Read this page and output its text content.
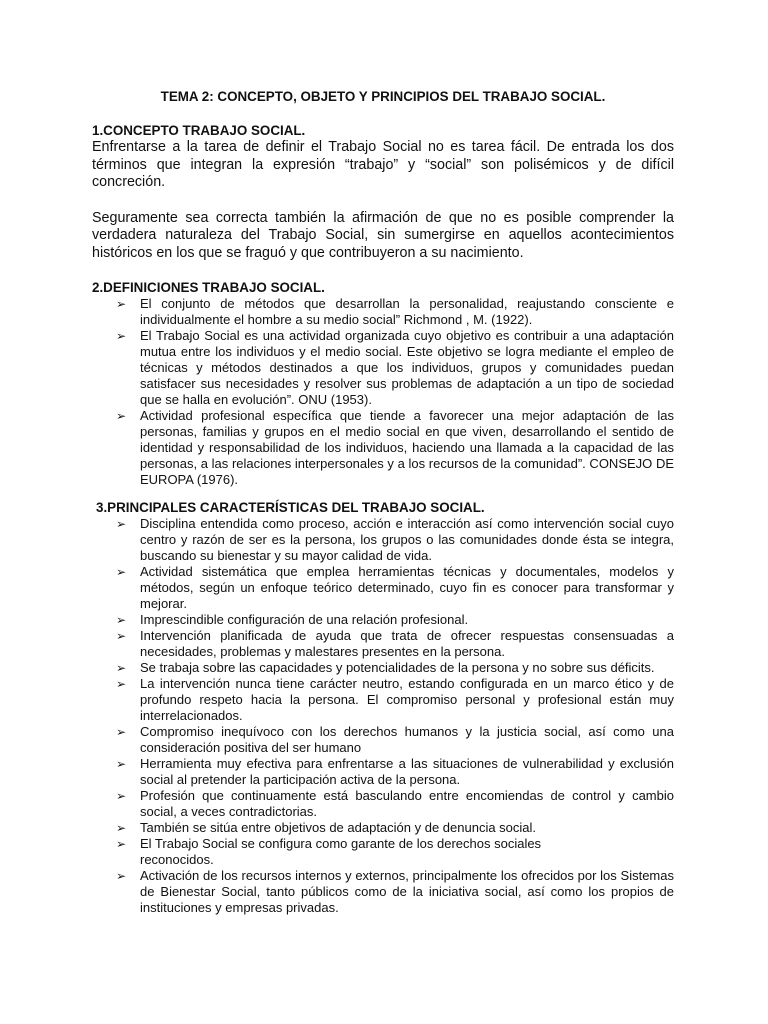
TEMA 2: CONCEPTO, OBJETO Y PRINCIPIOS DEL TRABAJO SOCIAL.
1.CONCEPTO TRABAJO SOCIAL.

Enfrentarse a la tarea de definir el Trabajo Social no es tarea fácil. De entrada los dos términos que integran la expresión “trabajo” y “social” son polisémicos y de difícil concreción.

Seguramente sea correcta también la afirmación de que no es posible comprender la verdadera naturaleza del Trabajo Social, sin sumergirse en aquellos acontecimientos históricos en los que se fraguó y que contribuyeron a su nacimiento.

2.DEFINICIONES TRABAJO SOCIAL.
➢ El conjunto de métodos que desarrollan la personalidad, reajustando consciente e individualmente el hombre a su medio social” Richmond , M. (1922).
➢ El Trabajo Social es una actividad organizada cuyo objetivo es contribuir a una adaptación mutua entre los individuos y el medio social. Este objetivo se logra mediante el empleo de técnicas y métodos destinados a que los individuos, grupos y comunidades puedan satisfacer sus necesidades y resolver sus problemas de adaptación a un tipo de sociedad que se halla en evolución”. ONU (1953).
➢ Actividad profesional específica que tiende a favorecer una mejor adaptación de las personas, familias y grupos en el medio social en que viven, desarrollando el sentido de identidad y responsabilidad de los individuos, haciendo una llamada a la capacidad de las personas, a las relaciones interpersonales y a los recursos de la comunidad”. CONSEJO DE EUROPA (1976).
3.PRINCIPALES CARACTERÍSTICAS DEL TRABAJO SOCIAL.
➢ Disciplina entendida como proceso, acción e interacción así como intervención social cuyo centro y razón de ser es la persona, los grupos o las comunidades donde ésta se integra, buscando su bienestar y su mayor calidad de vida.
➢ Actividad sistemática que emplea herramientas técnicas y documentales, modelos y métodos, según un enfoque teórico determinado, cuyo fin es conocer para transformar y mejorar.
➢ Imprescindible configuración de una relación profesional.
➢ Intervención planificada de ayuda que trata de ofrecer respuestas consensuadas a necesidades, problemas y malestares presentes en la persona.
➢ Se trabaja sobre las capacidades y potencialidades de la persona y no sobre sus déficits.
➢ La intervención nunca tiene carácter neutro, estando configurada en un marco ético y de profundo respeto hacia la persona. El compromiso personal y profesional están muy interrelacionados.
➢ Compromiso inequívoco con los derechos humanos y la justicia social, así como una consideración positiva del ser humano
➢ Herramienta muy efectiva para enfrentarse a las situaciones de vulnerabilidad y exclusión social al pretender la participación activa de la persona.
➢ Profesión que continuamente está basculando entre encomiendas de control y cambio social, a veces contradictorias.
➢ También se sitúa entre objetivos de adaptación y de denuncia social.
➢ El Trabajo Social se configura como garante de los derechos sociales
reconocidos.
➢ Activación de los recursos internos y externos, principalmente los ofrecidos por los Sistemas de Bienestar Social, tanto públicos como de la iniciativa social, así como los propios de instituciones y empresas privadas.
